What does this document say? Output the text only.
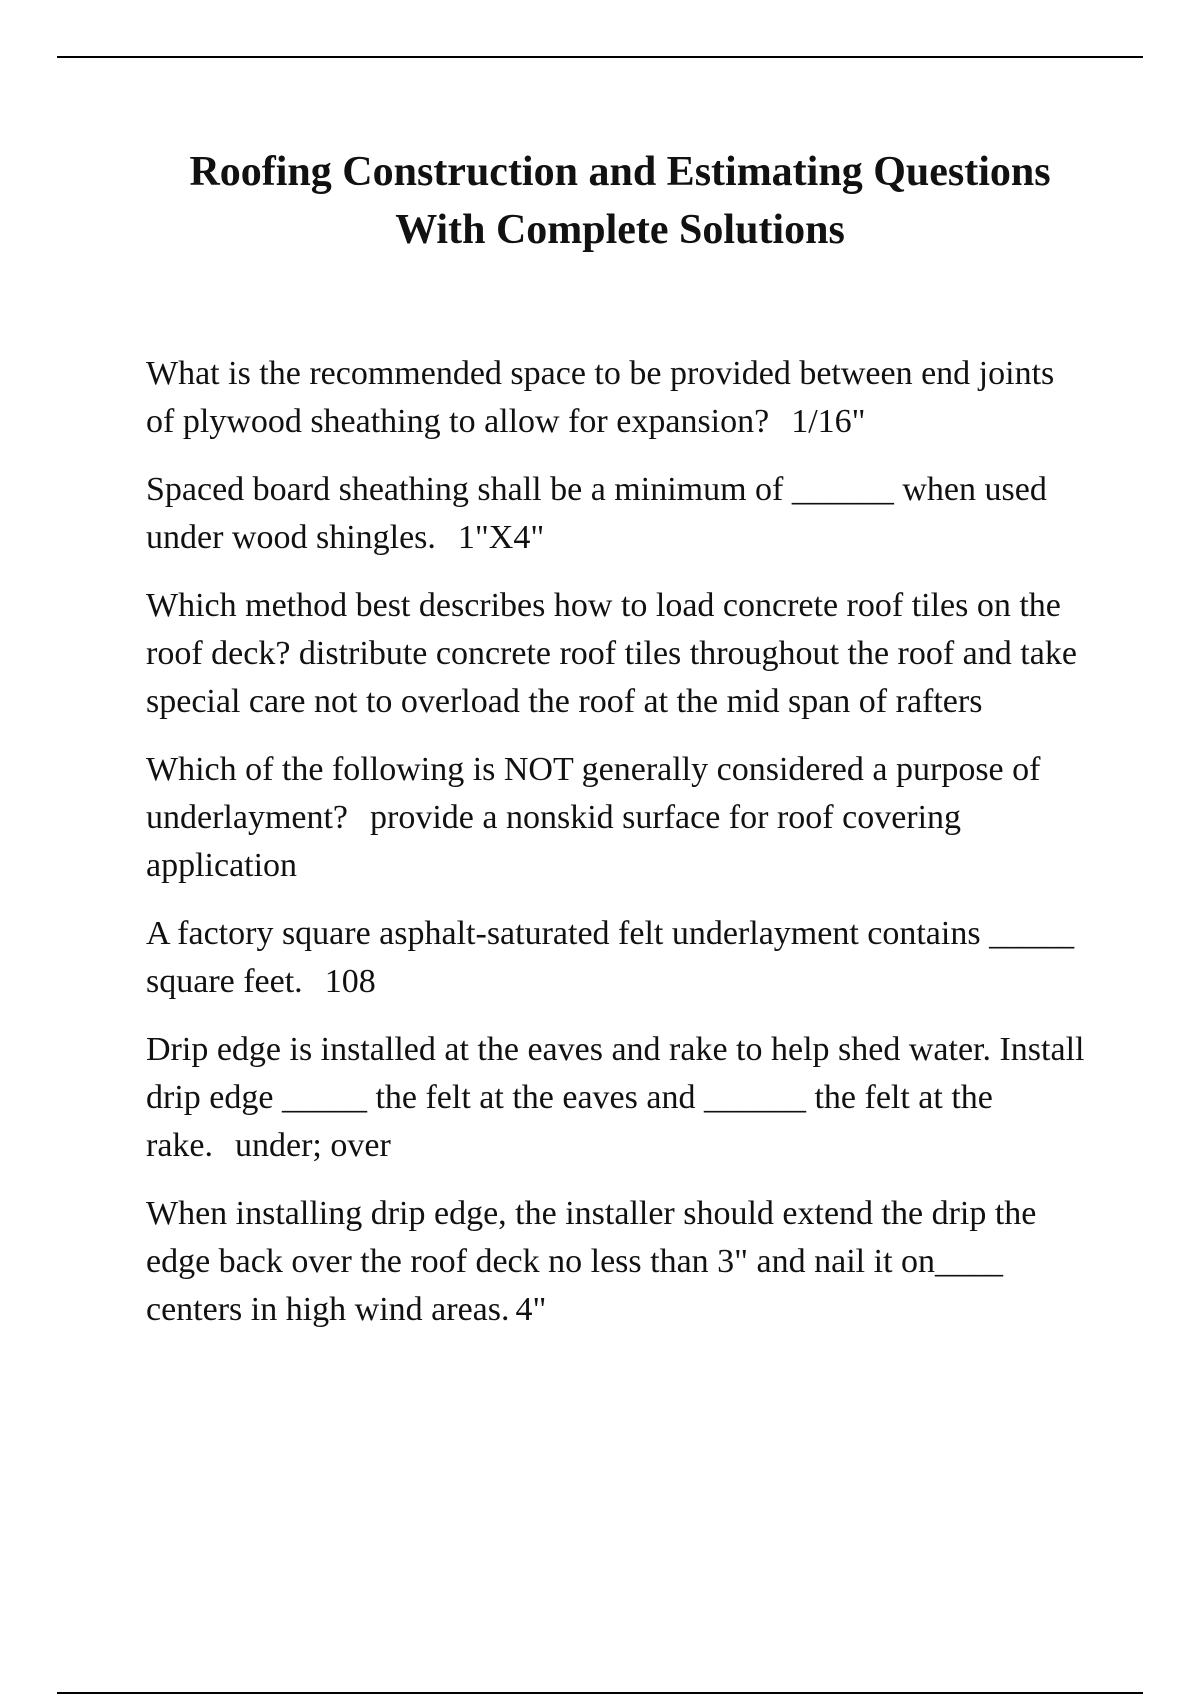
Roofing Construction and Estimating Questions
With Complete Solutions

What is the recommended space to be provided between end joints of plywood sheathing to allow for expansion? 1/16"

Spaced board sheathing shall be a minimum of ______ when used under wood shingles. 1"X4"

Which method best describes how to load concrete roof tiles on the roof deck? distribute concrete roof tiles throughout the roof and take special care not to overload the roof at the mid span of rafters

Which of the following is NOT generally considered a purpose of underlayment? provide a nonskid surface for roof covering application

A factory square asphalt-saturated felt underlayment contains _____ square feet. 108

Drip edge is installed at the eaves and rake to help shed water. Install drip edge _____ the felt at the eaves and ______ the felt at the rake. under; over

When installing drip edge, the installer should extend the drip the edge back over the roof deck no less than 3" and nail it on____ centers in high wind areas. 4"
